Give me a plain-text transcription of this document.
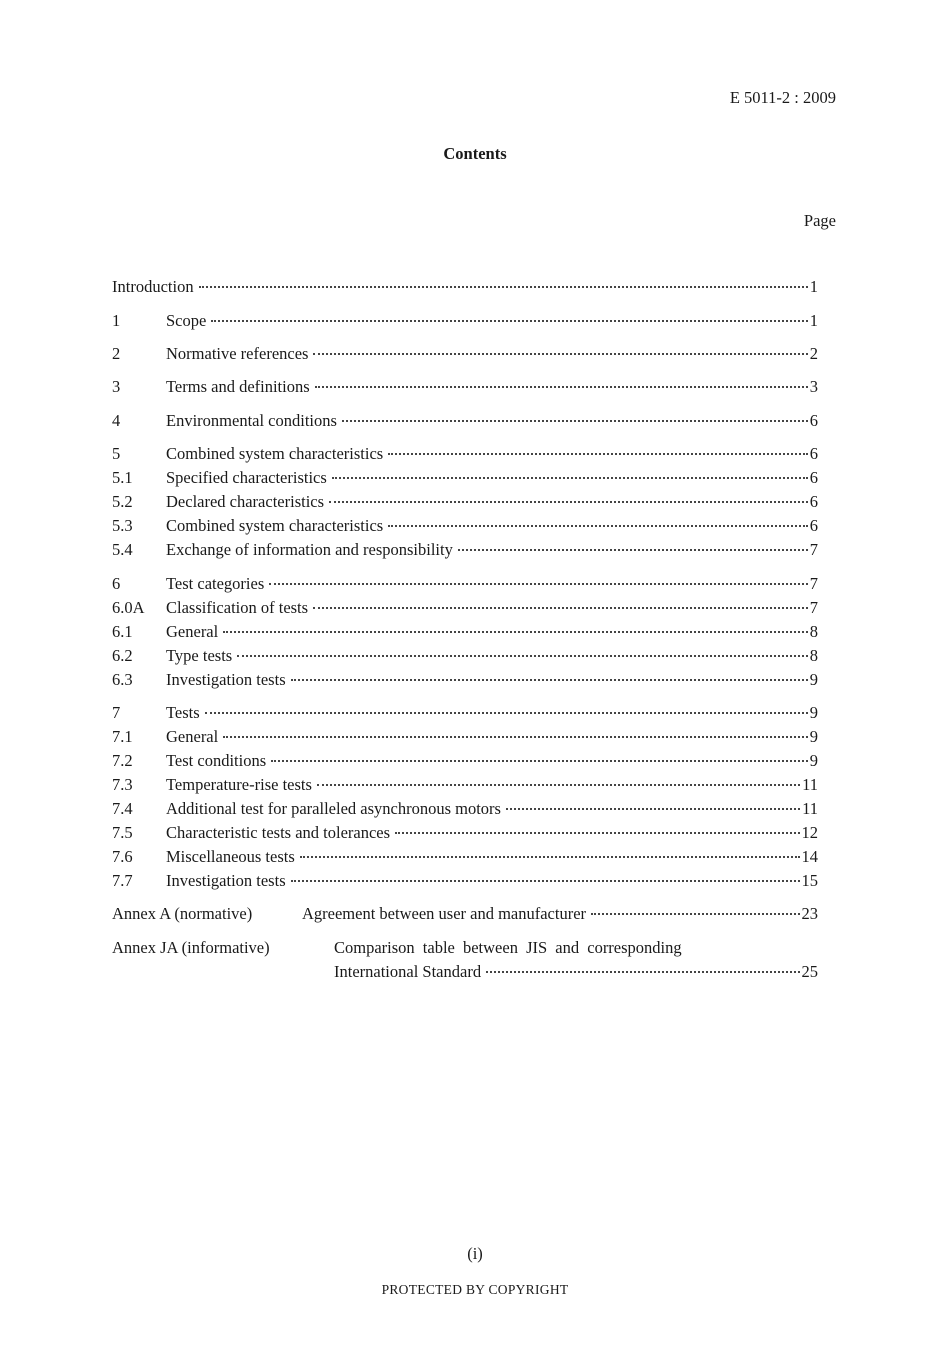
E 5011-2 : 2009
Contents
Page
Introduction	1
1	Scope	1
2	Normative references	2
3	Terms and definitions	3
4	Environmental conditions	6
5	Combined system characteristics	6
5.1 Specified characteristics	6
5.2 Declared characteristics	6
5.3 Combined system characteristics	6
5.4 Exchange of information and responsibility	7
6	Test categories	7
6.0A Classification of tests	7
6.1 General	8
6.2 Type tests	8
6.3 Investigation tests	9
7	Tests	9
7.1 General	9
7.2 Test conditions	9
7.3 Temperature-rise tests	11
7.4 Additional test for paralleled asynchronous motors	11
7.5 Characteristic tests and tolerances	12
7.6 Miscellaneous tests	14
7.7 Investigation tests	15
Annex A (normative)	Agreement between user and manufacturer	23
Annex JA (informative)	Comparison table between JIS and corresponding
International Standard	25
(i)
PROTECTED BY COPYRIGHT
